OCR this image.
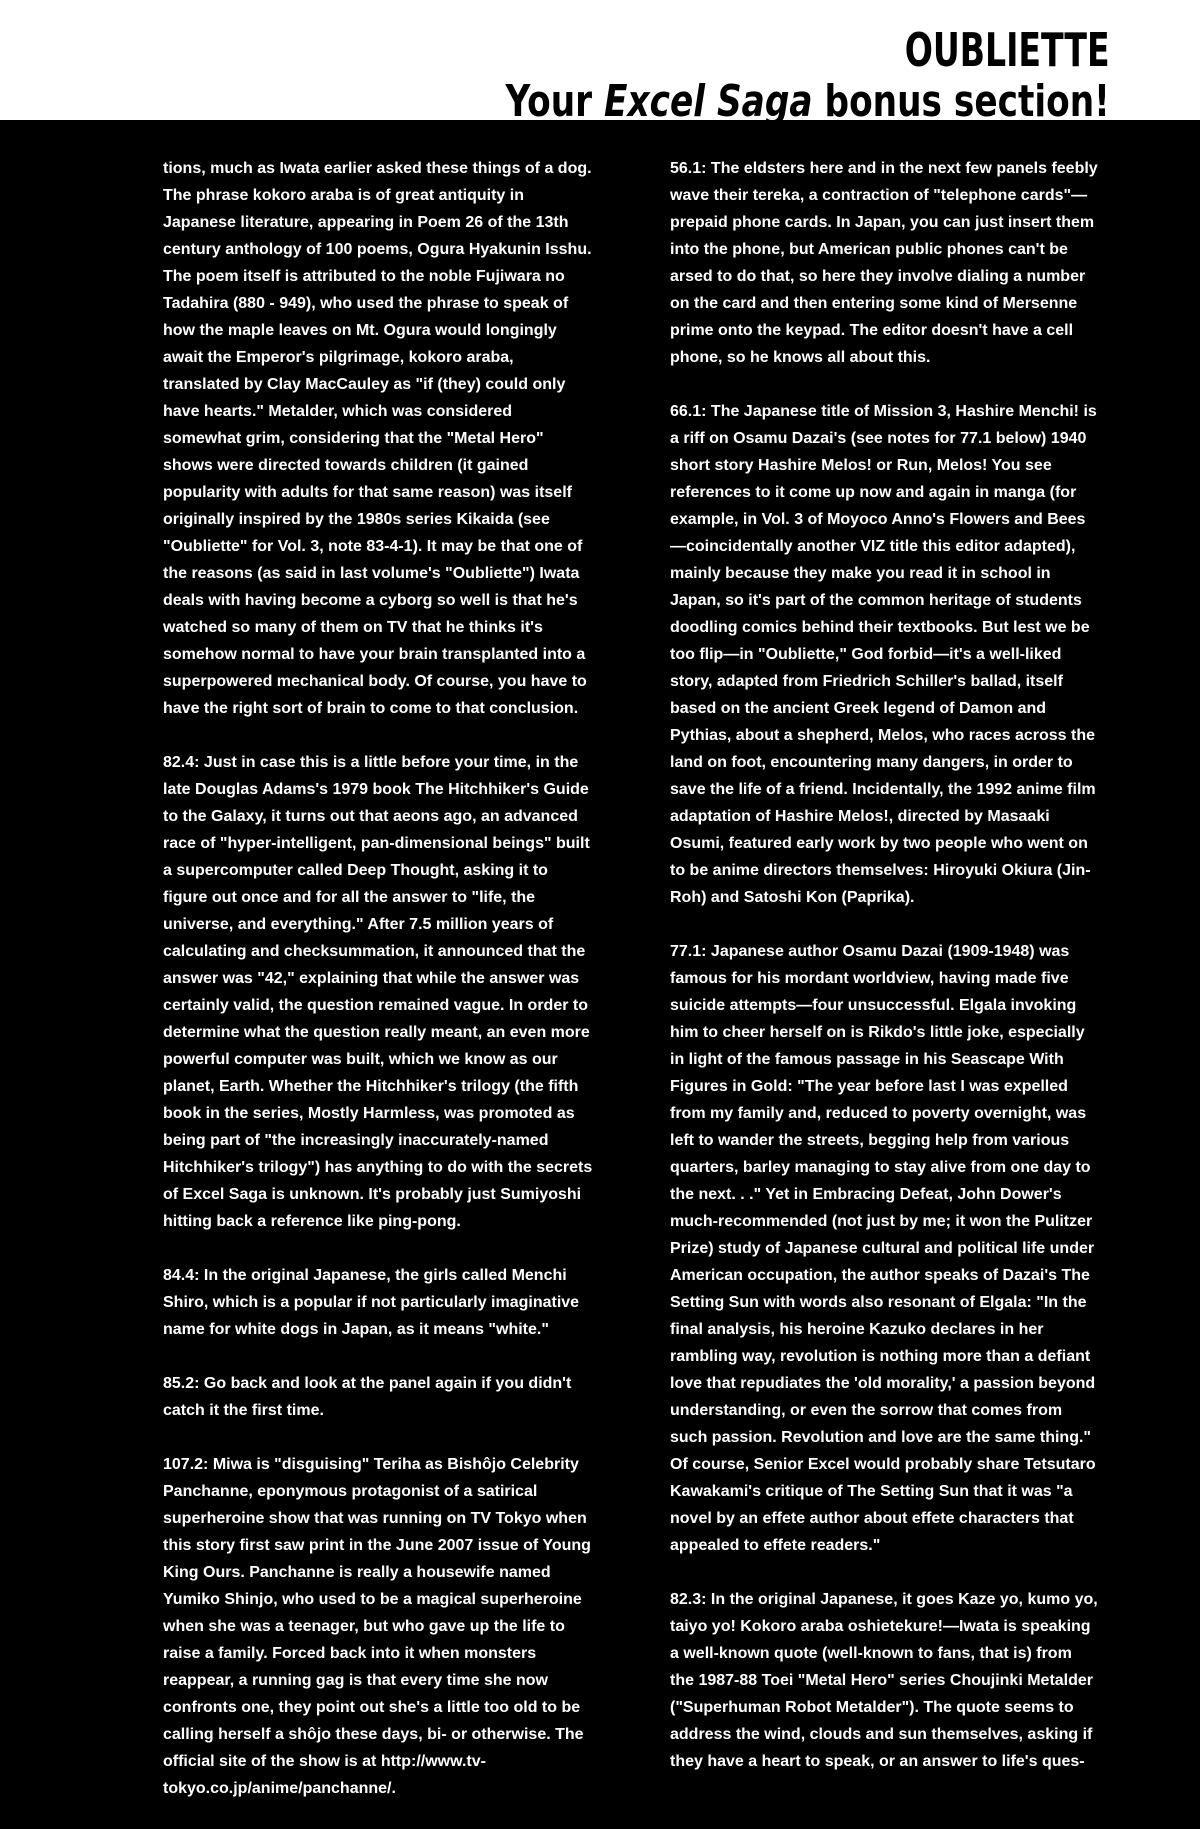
OUBLIETTE
Your Excel Saga bonus section!

tions, much as Iwata earlier asked these things of a dog. The phrase kokoro araba is of great antiquity in Japanese literature, appearing in Poem 26 of the 13th century anthology of 100 poems, Ogura Hyakunin Isshu. The poem itself is attributed to the noble Fujiwara no Tadahira (880 - 949), who used the phrase to speak of how the maple leaves on Mt. Ogura would longingly await the Emperor's pilgrimage, kokoro araba, translated by Clay MacCauley as "if (they) could only have hearts." Metalder, which was considered somewhat grim, considering that the "Metal Hero" shows were directed towards children (it gained popularity with adults for that same reason) was itself originally inspired by the 1980s series Kikaida (see "Oubliette" for Vol. 3, note 83-4-1). It may be that one of the reasons (as said in last volume's "Oubliette") Iwata deals with having become a cyborg so well is that he's watched so many of them on TV that he thinks it's somehow normal to have your brain transplanted into a superpowered mechanical body. Of course, you have to have the right sort of brain to come to that conclusion.

82.4: Just in case this is a little before your time, in the late Douglas Adams's 1979 book The Hitchhiker's Guide to the Galaxy, it turns out that aeons ago, an advanced race of "hyper-intelligent, pan-dimensional beings" built a supercomputer called Deep Thought, asking it to figure out once and for all the answer to "life, the universe, and everything." After 7.5 million years of calculating and checksummation, it announced that the answer was "42," explaining that while the answer was certainly valid, the question remained vague. In order to determine what the question really meant, an even more powerful computer was built, which we know as our planet, Earth. Whether the Hitchhiker's trilogy (the fifth book in the series, Mostly Harmless, was promoted as being part of "the increasingly inaccurately-named Hitchhiker's trilogy") has anything to do with the secrets of Excel Saga is unknown. It's probably just Sumiyoshi hitting back a reference like ping-pong.

84.4: In the original Japanese, the girls called Menchi Shiro, which is a popular if not particularly imaginative name for white dogs in Japan, as it means "white."

85.2: Go back and look at the panel again if you didn't catch it the first time.

107.2: Miwa is "disguising" Teriha as Bishôjo Celebrity Panchanne, eponymous protagonist of a satirical superheroine show that was running on TV Tokyo when this story first saw print in the June 2007 issue of Young King Ours. Panchanne is really a housewife named Yumiko Shinjo, who used to be a magical superheroine when she was a teenager, but who gave up the life to raise a family. Forced back into it when monsters reappear, a running gag is that every time she now confronts one, they point out she's a little too old to be calling herself a shôjo these days, bi- or otherwise. The official site of the show is at http://www.tv-tokyo.co.jp/anime/panchanne/.

56.1: The eldsters here and in the next few panels feebly wave their tereka, a contraction of "telephone cards"—prepaid phone cards. In Japan, you can just insert them into the phone, but American public phones can't be arsed to do that, so here they involve dialing a number on the card and then entering some kind of Mersenne prime onto the keypad. The editor doesn't have a cell phone, so he knows all about this.

66.1: The Japanese title of Mission 3, Hashire Menchi! is a riff on Osamu Dazai's (see notes for 77.1 below) 1940 short story Hashire Melos! or Run, Melos! You see references to it come up now and again in manga (for example, in Vol. 3 of Moyoco Anno's Flowers and Bees—coincidentally another VIZ title this editor adapted), mainly because they make you read it in school in Japan, so it's part of the common heritage of students doodling comics behind their textbooks. But lest we be too flip—in "Oubliette," God forbid—it's a well-liked story, adapted from Friedrich Schiller's ballad, itself based on the ancient Greek legend of Damon and Pythias, about a shepherd, Melos, who races across the land on foot, encountering many dangers, in order to save the life of a friend. Incidentally, the 1992 anime film adaptation of Hashire Melos!, directed by Masaaki Osumi, featured early work by two people who went on to be anime directors themselves: Hiroyuki Okiura (Jin-Roh) and Satoshi Kon (Paprika).

77.1: Japanese author Osamu Dazai (1909-1948) was famous for his mordant worldview, having made five suicide attempts—four unsuccessful. Elgala invoking him to cheer herself on is Rikdo's little joke, especially in light of the famous passage in his Seascape With Figures in Gold: "The year before last I was expelled from my family and, reduced to poverty overnight, was left to wander the streets, begging help from various quarters, barley managing to stay alive from one day to the next. . ." Yet in Embracing Defeat, John Dower's much-recommended (not just by me; it won the Pulitzer Prize) study of Japanese cultural and political life under American occupation, the author speaks of Dazai's The Setting Sun with words also resonant of Elgala: "In the final analysis, his heroine Kazuko declares in her rambling way, revolution is nothing more than a defiant love that repudiates the 'old morality,' a passion beyond understanding, or even the sorrow that comes from such passion. Revolution and love are the same thing." Of course, Senior Excel would probably share Tetsutaro Kawakami's critique of The Setting Sun that it was "a novel by an effete author about effete characters that appealed to effete readers."

82.3: In the original Japanese, it goes Kaze yo, kumo yo, taiyo yo! Kokoro araba oshietekure!—Iwata is speaking a well-known quote (well-known to fans, that is) from the 1987-88 Toei "Metal Hero" series Choujinki Metalder ("Superhuman Robot Metalder"). The quote seems to address the wind, clouds and sun themselves, asking if they have a heart to speak, or an answer to life's ques-
